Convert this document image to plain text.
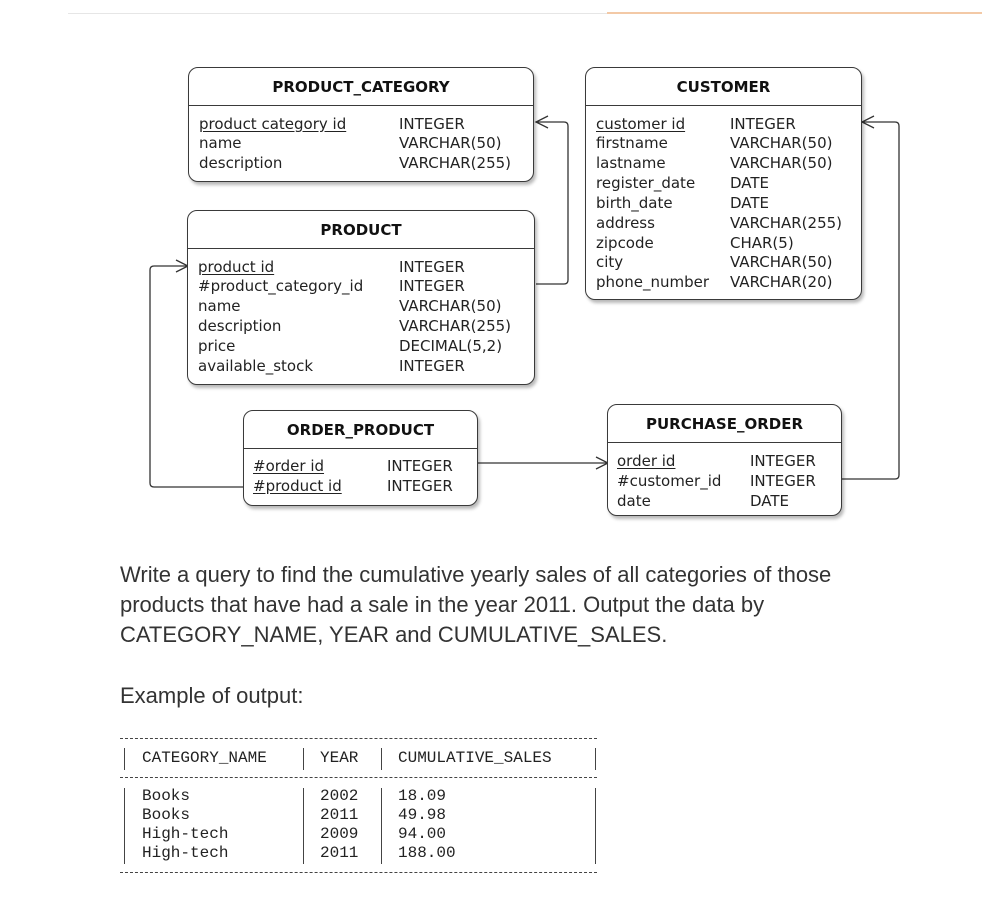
PRODUCT_CATEGORY
product category id	INTEGER
name	VARCHAR(50)
description	VARCHAR(255)
CUSTOMER
customer id	INTEGER
firstname	VARCHAR(50)
lastname	VARCHAR(50)
register_date DATE
birth_date	DATE
address	VARCHAR(255)
zipcode	CHAR(5)
city	VARCHAR(50)
phone_number VARCHAR(20)
PRODUCT
product id	INTEGER
#product_category_id INTEGER
name	VARCHAR(50)
description	VARCHAR(255)
price	DECIMAL(5,2)
available_stock	INTEGER
ORDER_PRODUCT
#order id	INTEGER
#product id	INTEGER
PURCHASE_ORDER
order id	INTEGER
#customer_id INTEGER
date	DATE

Write a query to find the cumulative yearly sales of all categories of those products that have had a sale in the year 2011. Output the data by CATEGORY_NAME, YEAR and CUMULATIVE_SALES.

Example of output:

CATEGORY_NAME	YEAR CUMULATIVE_SALES
Books	2002 18.09
Books	2011 49.98
High-tech	2009 94.00
High-tech	2011 188.00
